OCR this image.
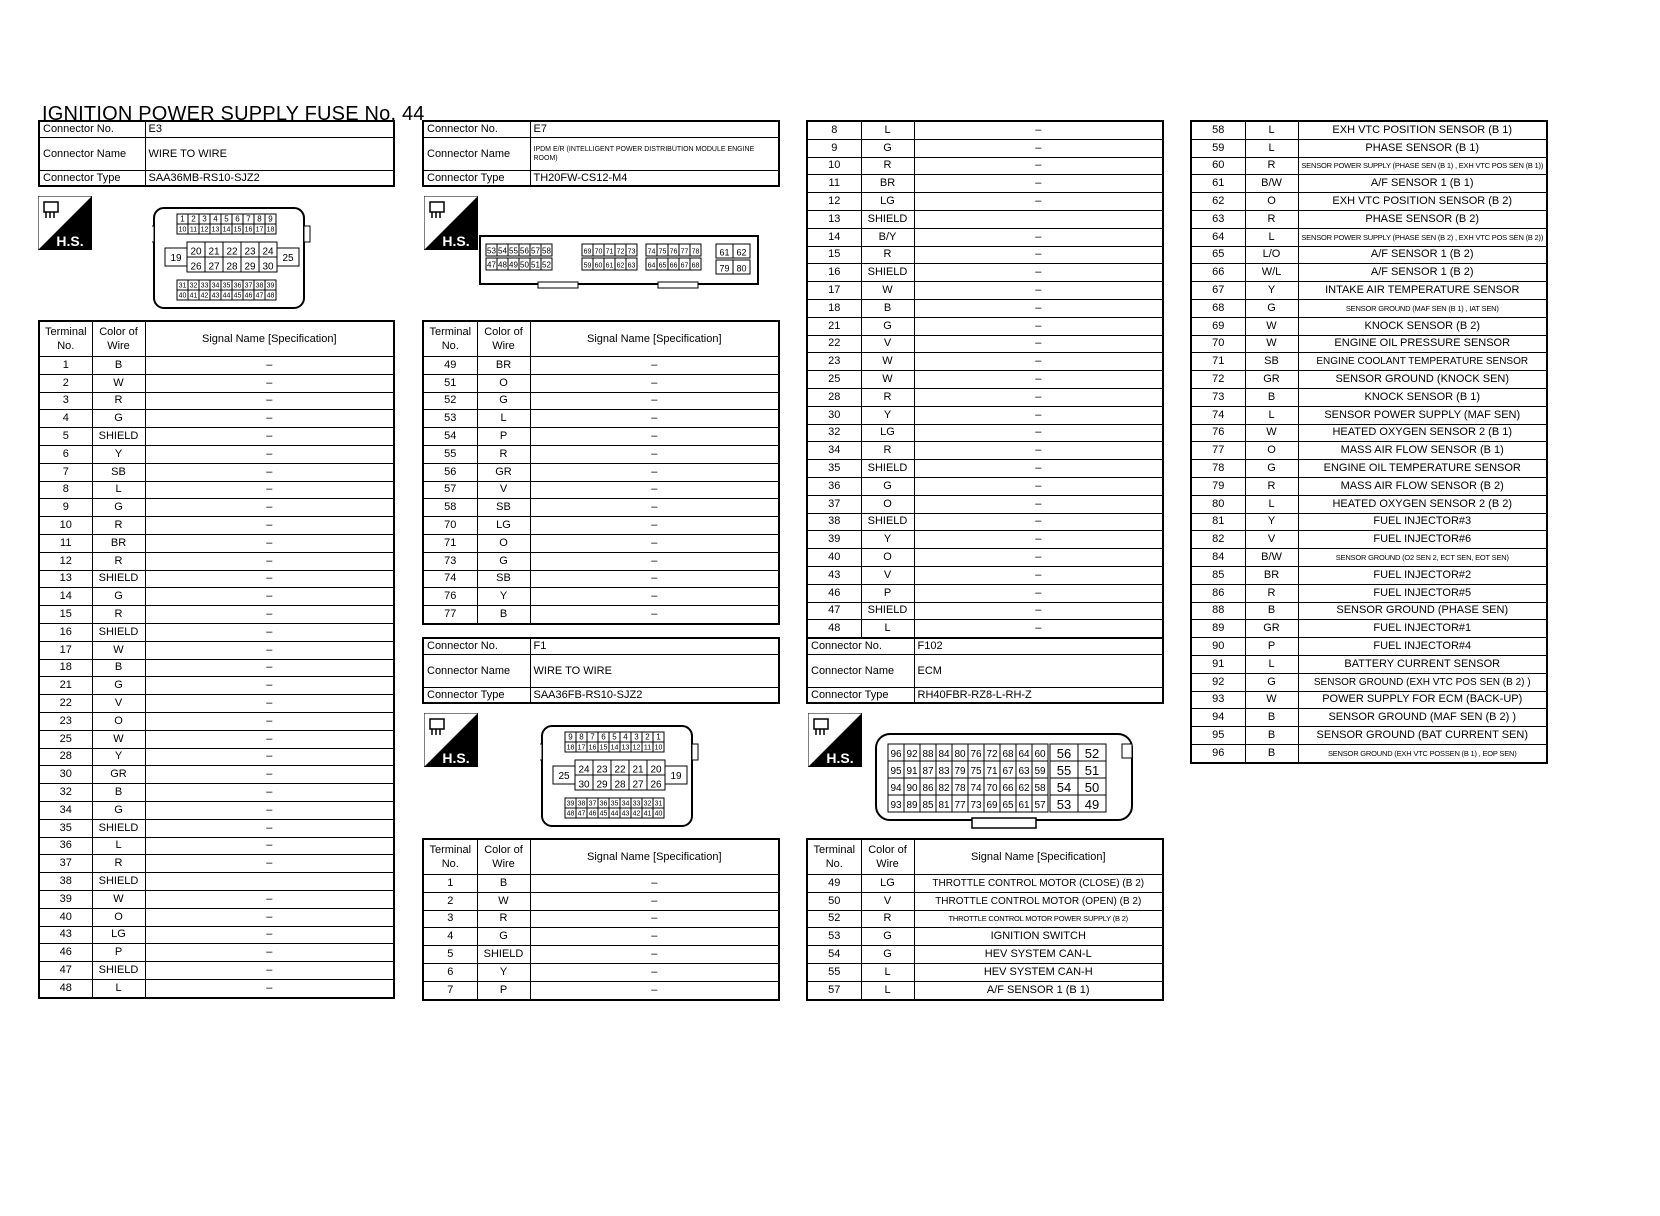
IGNITION POWER SUPPLY FUSE No. 44
Connector No.	E3
Connector Name	WIRE TO WIRE
Connector Type	SAA36MB-RS10-SJZ2
H.S.
1 2 3 4 5 6 7 8 9
10 11 12 13 14 15 16 17 18
20 21 22 23 24
26 27 28 29 30
19	25
31 32 33 34 35 36 37 38 39
40 41 42 43 44 45 46 47 48
Terminal No.	Color of Wire	Signal Name [Specification]
1	B	–
2	W	–
3	R	–
4	G	–
5	SHIELD	–
6	Y	–
7	SB	–
8	L	–
9	G	–
10	R	–
11	BR	–
12	R	–
13	SHIELD	–
14	G	–
15	R	–
16	SHIELD	–
17	W	–
18	B	–
21	G	–
22	V	–
23	O	–
25	W	–
28	Y	–
30	GR	–
32	B	–
34	G	–
35	SHIELD	–
36	L	–
37	R	–
38	SHIELD	
39	W	–
40	O	–
43	LG	–
46	P	–
47	SHIELD	–
48	L	–
Connector No.	E7
Connector Name	IPDM E/R (INTELLIGENT POWER DISTRIBUTION MODULE ENGINE ROOM)
Connector Type	TH20FW-CS12-M4
H.S.
53 54 55 56 57 58
47 48 49 50 51 52
69 70 71 72 73
59 60 61 62 63
74 75 76 77 78
64 65 66 67 68
61 62
79 80
Terminal No.	Color of Wire	Signal Name [Specification]
49	BR	–
51	O	–
52	G	–
53	L	–
54	P	–
55	R	–
56	GR	–
57	V	–
58	SB	–
70	LG	–
71	O	–
73	G	–
74	SB	–
76	Y	–
77	B	–
Connector No.	F1
Connector Name	WIRE TO WIRE
Connector Type	SAA36FB-RS10-SJZ2
H.S.
9 8 7 6 5 4 3 2 1
18 17 16 15 14 13 12 11 10
24 23 22 21 20
30 29 28 27 26
25	19
39 38 37 36 35 34 33 32 31
48 47 46 45 44 43 42 41 40
Terminal No.	Color of Wire	Signal Name [Specification]
1	B	–
2	W	–
3	R	–
4	G	–
5	SHIELD	–
6	Y	–
7	P	–
8	L	–
9	G	–
10	R	–
11	BR	–
12	LG	–
13	SHIELD	
14	B/Y	–
15	R	–
16	SHIELD	–
17	W	–
18	B	–
21	G	–
22	V	–
23	W	–
25	W	–
28	R	–
30	Y	–
32	LG	–
34	R	–
35	SHIELD	–
36	G	–
37	O	–
38	SHIELD	–
39	Y	–
40	O	–
43	V	–
46	P	–
47	SHIELD	–
48	L	–
Connector No.	F102
Connector Name	ECM
Connector Type	RH40FBR-RZ8-L-RH-Z
H.S.	96 92 88 84 80 76 72 68 64 60 56 52
95 91 87 83 79 75 71 67 63 59 55 51
94 90 86 82 78 74 70 66 62 58 54 50
93 89 85 81 77 73 69 65 61 57 53 49
Terminal No.	Color of Wire	Signal Name [Specification]
49	LG	THROTTLE CONTROL MOTOR (CLOSE) (B 2)
50	V	THROTTLE CONTROL MOTOR (OPEN) (B 2)
52	R	THROTTLE CONTROL MOTOR POWER SUPPLY (B 2)
53	G	IGNITION SWITCH
54	G	HEV SYSTEM CAN-L
55	L	HEV SYSTEM CAN-H
57	L	A/F SENSOR 1 (B 1)
58	L	EXH VTC POSITION SENSOR (B 1)
59	L	PHASE SENSOR (B 1)
60	R	SENSOR POWER SUPPLY (PHASE SEN (B 1) , EXH VTC POS SEN (B 1))
61	B/W	A/F SENSOR 1 (B 1)
62	O	EXH VTC POSITION SENSOR (B 2)
63	R	PHASE SENSOR (B 2)
64	L	SENSOR POWER SUPPLY (PHASE SEN (B 2) , EXH VTC POS SEN (B 2))
65	L/O	A/F SENSOR 1 (B 2)
66	W/L	A/F SENSOR 1 (B 2)
67	Y	INTAKE AIR TEMPERATURE SENSOR
68	G	SENSOR GROUND (MAF SEN (B 1) , IAT SEN)
69	W	KNOCK SENSOR (B 2)
70	W	ENGINE OIL PRESSURE SENSOR
71	SB	ENGINE COOLANT TEMPERATURE SENSOR
72	GR	SENSOR GROUND (KNOCK SEN)
73	B	KNOCK SENSOR (B 1)
74	L	SENSOR POWER SUPPLY (MAF SEN)
76	W	HEATED OXYGEN SENSOR 2 (B 1)
77	O	MASS AIR FLOW SENSOR (B 1)
78	G	ENGINE OIL TEMPERATURE SENSOR
79	R	MASS AIR FLOW SENSOR (B 2)
80	L	HEATED OXYGEN SENSOR 2 (B 2)
81	Y	FUEL INJECTOR#3
82	V	FUEL INJECTOR#6
84	B/W	SENSOR GROUND (O2 SEN 2, ECT SEN, EOT SEN)
85	BR	FUEL INJECTOR#2
86	R	FUEL INJECTOR#5
88	B	SENSOR GROUND (PHASE SEN)
89	GR	FUEL INJECTOR#1
90	P	FUEL INJECTOR#4
91	L	BATTERY CURRENT SENSOR
92	G	SENSOR GROUND (EXH VTC POS SEN (B 2) )
93	W	POWER SUPPLY FOR ECM (BACK-UP)
94	B	SENSOR GROUND (MAF SEN (B 2) )
95	B	SENSOR GROUND (BAT CURRENT SEN)
96	B	SENSOR GROUND (EXH VTC POSSEN (B 1) , EOP SEN)
